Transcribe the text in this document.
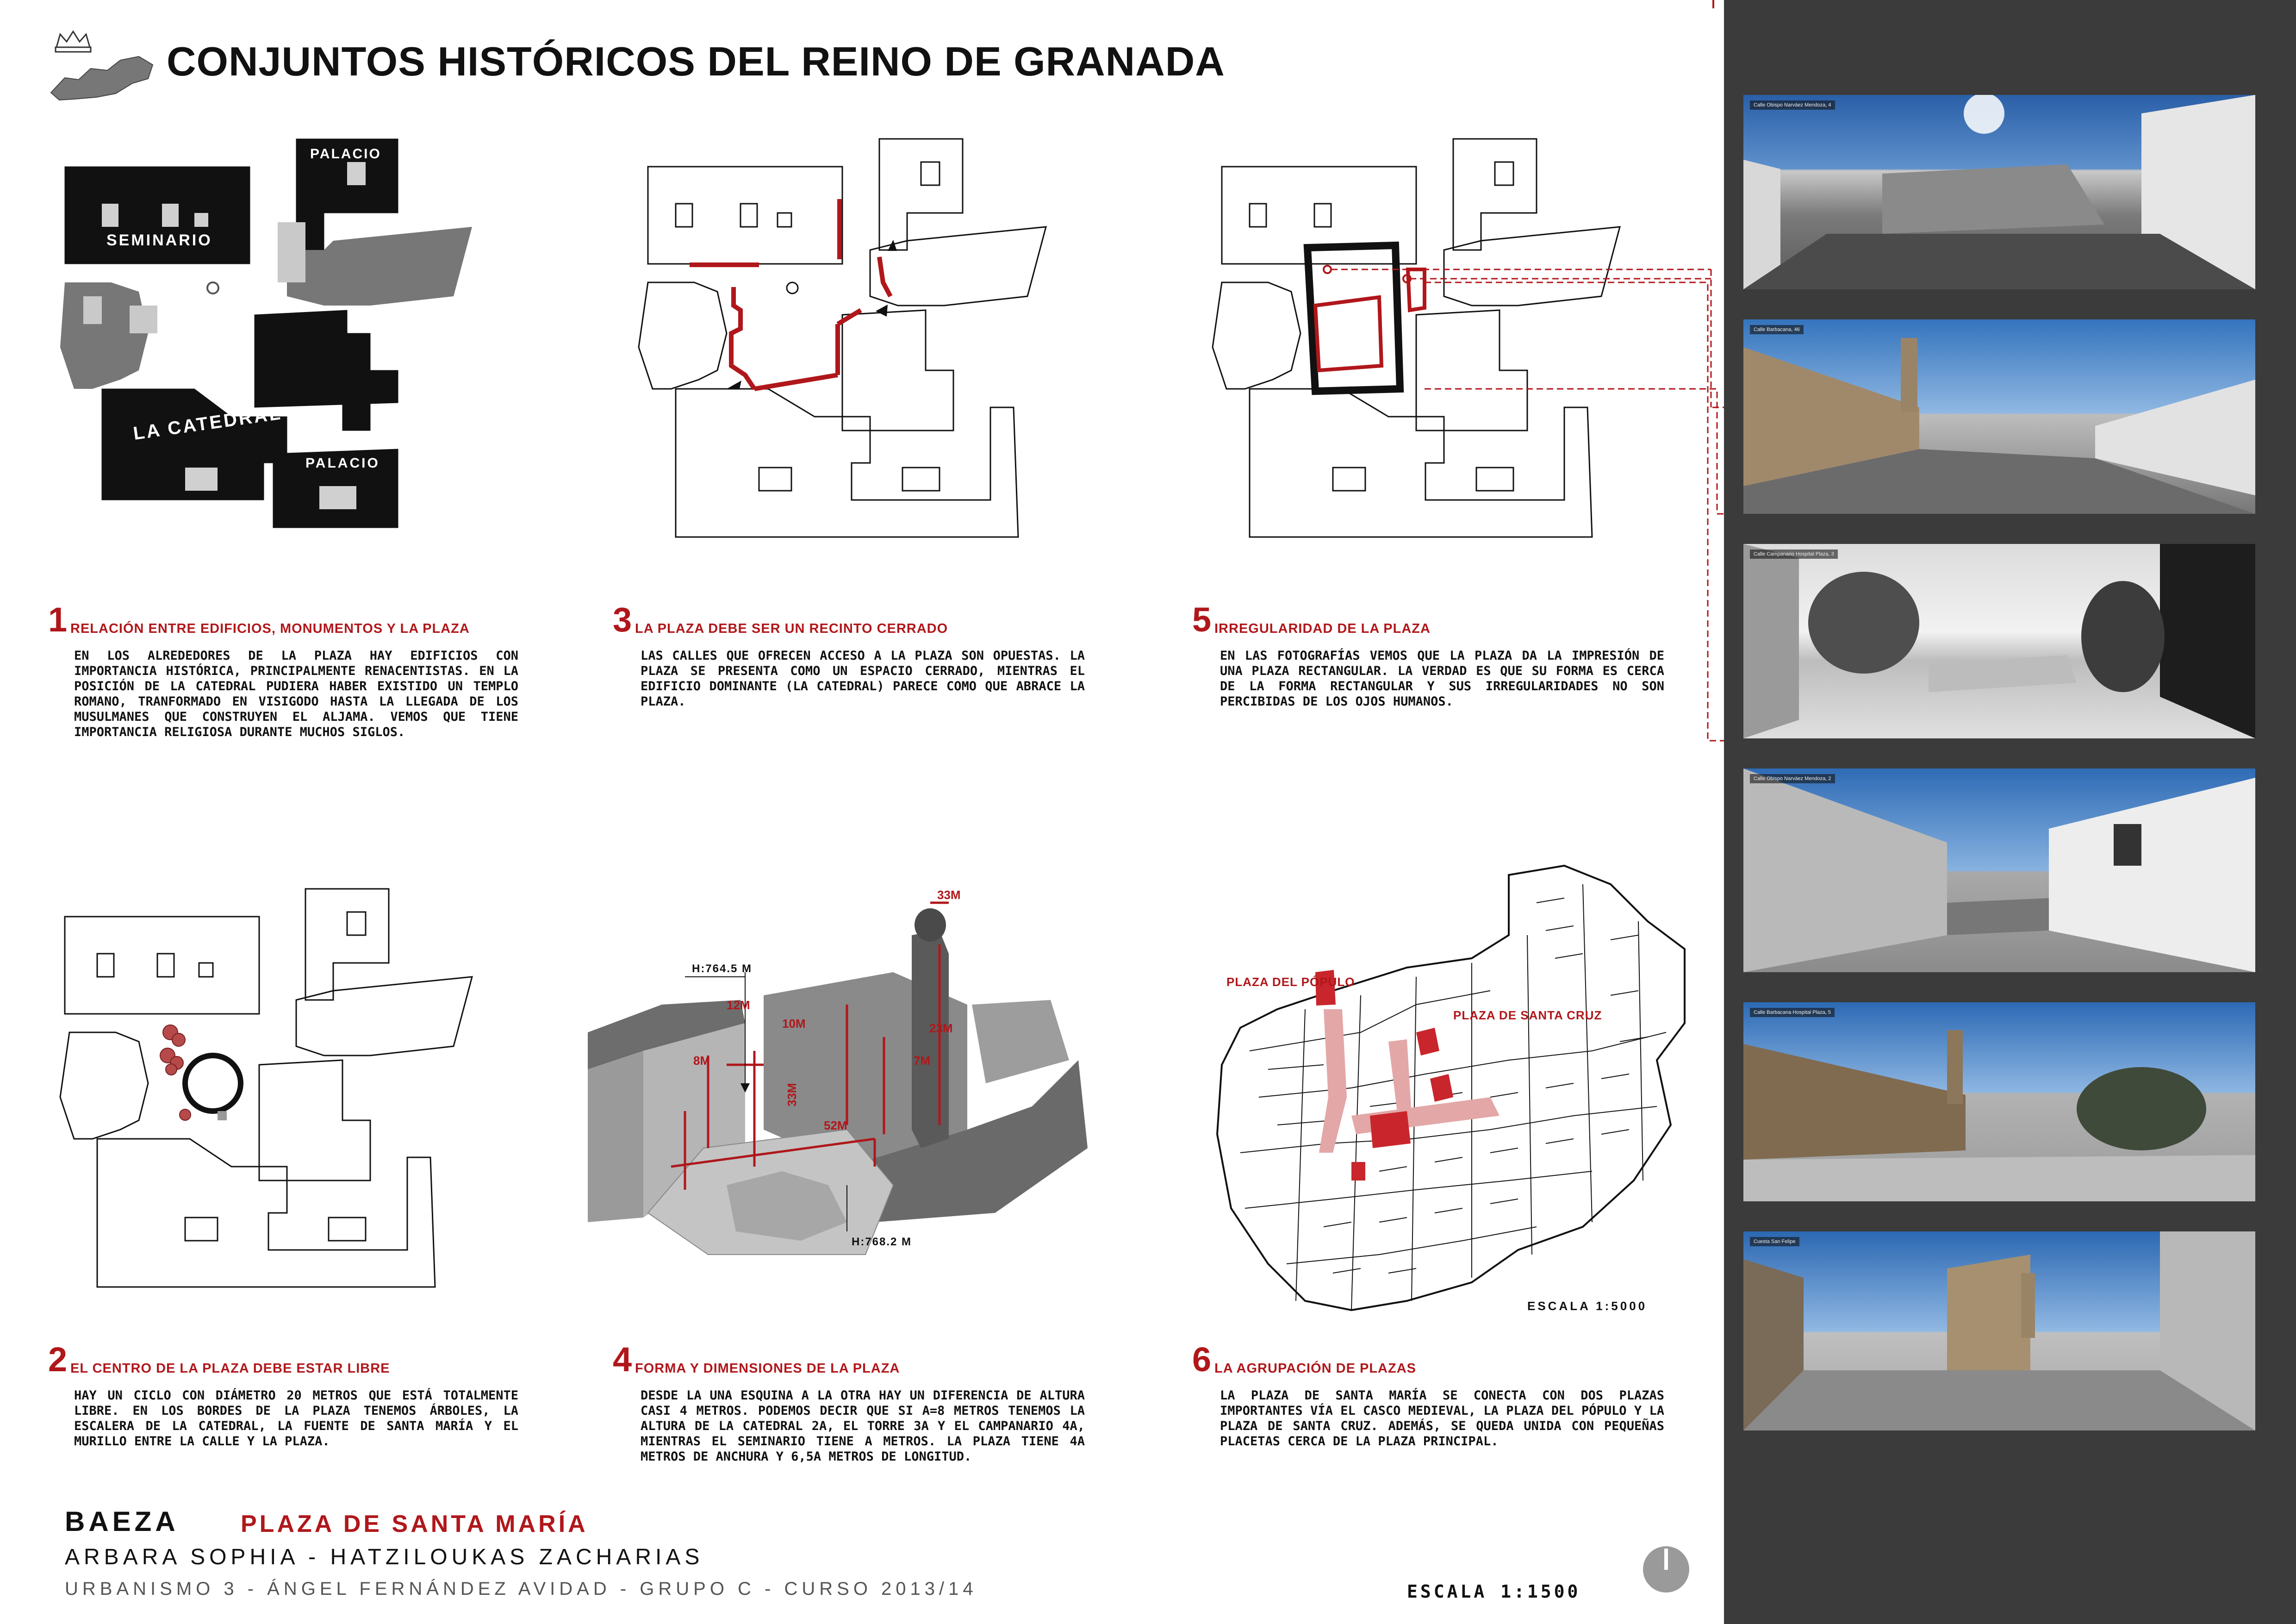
CONJUNTOS HISTÓRICOS DEL REINO DE GRANADA
PALACIO
SEMINARIO
LA CATEDRAL
PALACIO
33M
H:764.5 M
12M
10M	23M
8M	7M
33M
52M
H:768.2 M
PLAZA DEL PÓPULO
PLAZA DE SANTA CRUZ
ESCALA 1:5000
1 RELACIÓN ENTRE EDIFICIOS, MONUMENTOS Y LA PLAZA
EN LOS ALREDEDORES DE LA PLAZA HAY EDIFICIOS CON IMPORTANCIA HISTÓRICA, PRINCIPALMENTE RENACENTISTAS. EN LA POSICIÓN DE LA CATEDRAL PUDIERA HABER EXISTIDO UN TEMPLO ROMANO, TRANFORMADO EN VISIGODO HASTA LA LLEGADA DE LOS MUSULMANES QUE CONSTRUYEN EL ALJAMA. VEMOS QUE TIENE IMPORTANCIA RELIGIOSA DURANTE MUCHOS SIGLOS.
3 LA PLAZA DEBE SER UN RECINTO CERRADO
LAS CALLES QUE OFRECEN ACCESO A LA PLAZA SON OPUESTAS. LA PLAZA SE PRESENTA COMO UN ESPACIO CERRADO, MIENTRAS EL EDIFICIO DOMINANTE (LA CATEDRAL) PARECE COMO QUE ABRACE LA PLAZA.
5 IRREGULARIDAD DE LA PLAZA
EN LAS FOTOGRAFÍAS VEMOS QUE LA PLAZA DA LA IMPRESIÓN DE UNA PLAZA RECTANGULAR. LA VERDAD ES QUE SU FORMA ES CERCA DE LA FORMA RECTANGULAR Y SUS IRREGULARIDADES NO SON PERCIBIDAS DE LOS OJOS HUMANOS.
2 EL CENTRO DE LA PLAZA DEBE ESTAR LIBRE
HAY UN CICLO CON DIÁMETRO 20 METROS QUE ESTÁ TOTALMENTE LIBRE. EN LOS BORDES DE LA PLAZA TENEMOS ÁRBOLES, LA ESCALERA DE LA CATEDRAL, LA FUENTE DE SANTA MARÍA Y EL MURILLO ENTRE LA CALLE Y LA PLAZA.
4 FORMA Y DIMENSIONES DE LA PLAZA
DESDE LA UNA ESQUINA A LA OTRA HAY UN DIFERENCIA DE ALTURA CASI 4 METROS. PODEMOS DECIR QUE SI A=8 METROS TENEMOS LA ALTURA DE LA CATEDRAL 2A, EL TORRE 3A Y EL CAMPANARIO 4A, MIENTRAS EL SEMINARIO TIENE A METROS. LA PLAZA TIENE 4A METROS DE ANCHURA Y 6,5A METROS DE LONGITUD.
6 LA AGRUPACIÓN DE PLAZAS
LA PLAZA DE SANTA MARÍA SE CONECTA CON DOS PLAZAS IMPORTANTES VÍA EL CASCO MEDIEVAL, LA PLAZA DEL PÓPULO Y LA PLAZA DE SANTA CRUZ. ADEMÁS, SE QUEDA UNIDA CON PEQUEÑAS PLACETAS CERCA DE LA PLAZA PRINCIPAL.
BAEZA	PLAZA DE SANTA MARÍA
ARBARA SOPHIA - HATZILOUKAS ZACHARIAS
URBANISMO 3 - ÁNGEL FERNÁNDEZ AVIDAD - GRUPO C - CURSO 2013/14	ESCALA 1:1500
Calle Obispo Narváez Mendoza, 4
Calle Barbacana, 46
Calle Campanario Hospital Plaza, 3
Calle Obispo Narváez Mendoza, 2
Calle Barbacana Hospital Plaza, 5
Cuesta San Felipe
